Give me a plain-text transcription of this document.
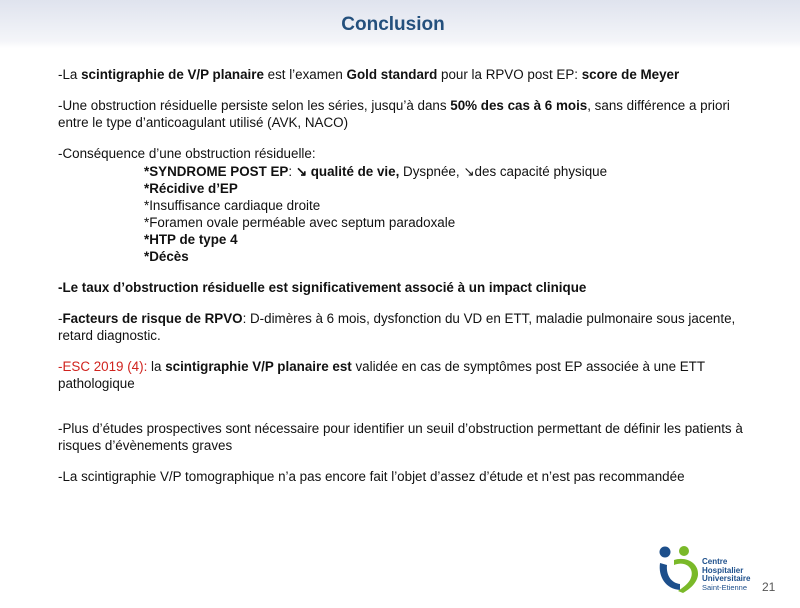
Conclusion

-La scintigraphie de V/P planaire est l’examen Gold standard pour la RPVO post EP: score de Meyer

-Une obstruction résiduelle persiste selon les séries, jusqu’à dans 50% des cas à 6 mois, sans différence a priori entre le type d’anticoagulant utilisé (AVK, NACO)

-Conséquence d’une obstruction résiduelle:
*SYNDROME POST EP: ↘ qualité de vie, Dyspnée, ↘des capacité physique
*Récidive d’EP
*Insuffisance cardiaque droite
*Foramen ovale perméable avec septum paradoxale
*HTP de type 4
*Décès

-Le taux d’obstruction résiduelle est significativement associé à un impact clinique

-Facteurs de risque de RPVO: D-dimères à 6 mois, dysfonction du VD en ETT, maladie pulmonaire sous jacente, retard diagnostic.

-ESC 2019 (4): la scintigraphie V/P planaire est validée en cas de symptômes post EP associée à une ETT pathologique

-Plus d’études prospectives sont nécessaire pour identifier un seuil d’obstruction permettant de définir les patients à risques d’évènements graves

-La scintigraphie V/P tomographique n’a pas encore fait l’objet d’assez d’étude et n’est pas recommandée

Centre
Hospitalier
Universitaire
Saint-Etienne 21
